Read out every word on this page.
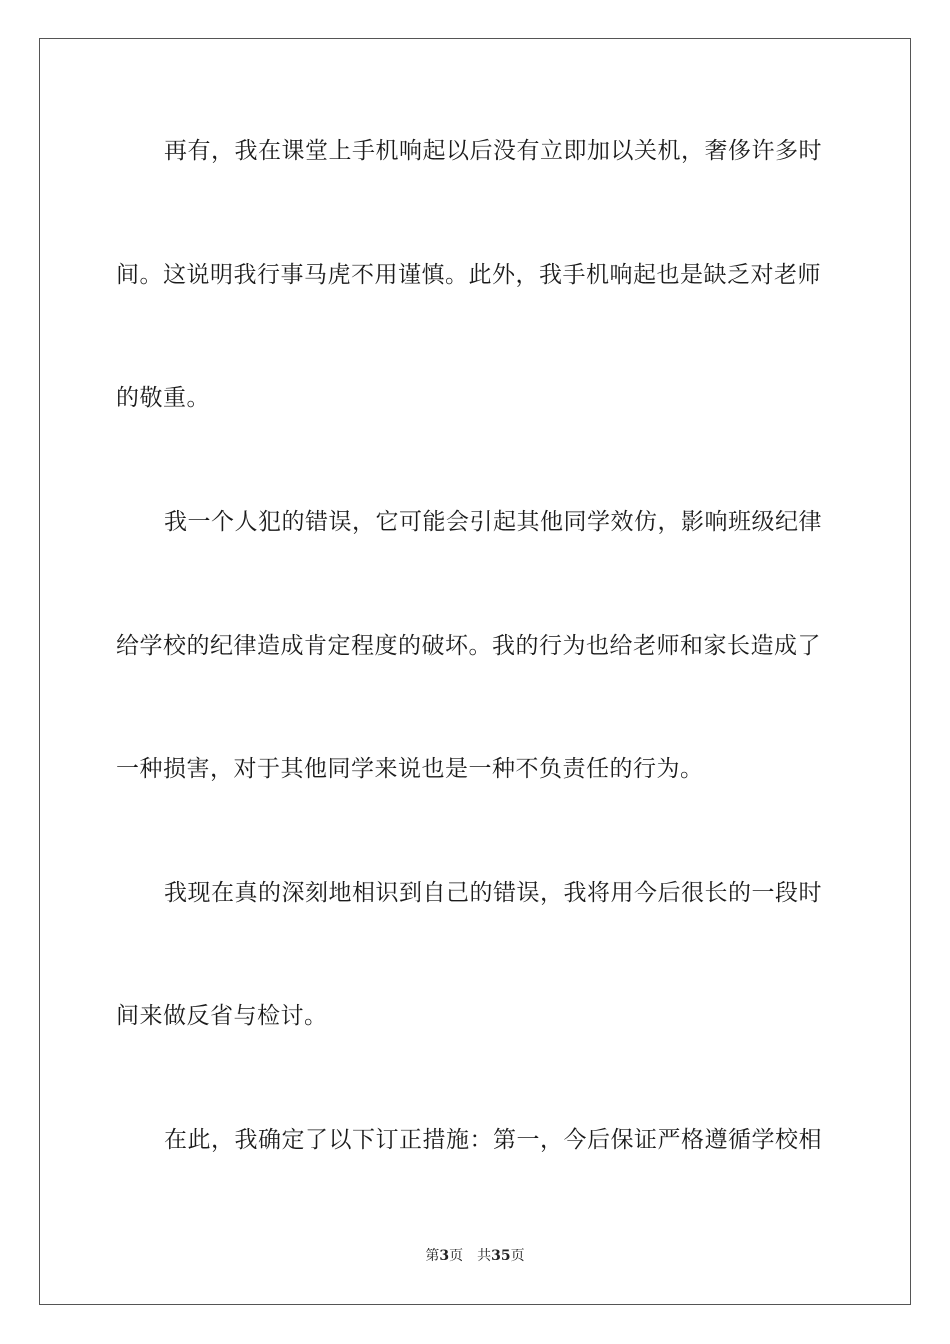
再有，我在课堂上手机响起以后没有立即加以关机，奢侈许多时
间。这说明我行事马虎不用谨慎。此外，我手机响起也是缺乏对老师
的敬重。
我一个人犯的错误，它可能会引起其他同学效仿，影响班级纪律
给学校的纪律造成肯定程度的破坏。我的行为也给老师和家长造成了
一种损害，对于其他同学来说也是一种不负责任的行为。
我现在真的深刻地相识到自己的错误，我将用今后很长的一段时
间来做反省与检讨。
在此，我确定了以下订正措施：第一，今后保证严格遵循学校相
第3页 共35页
